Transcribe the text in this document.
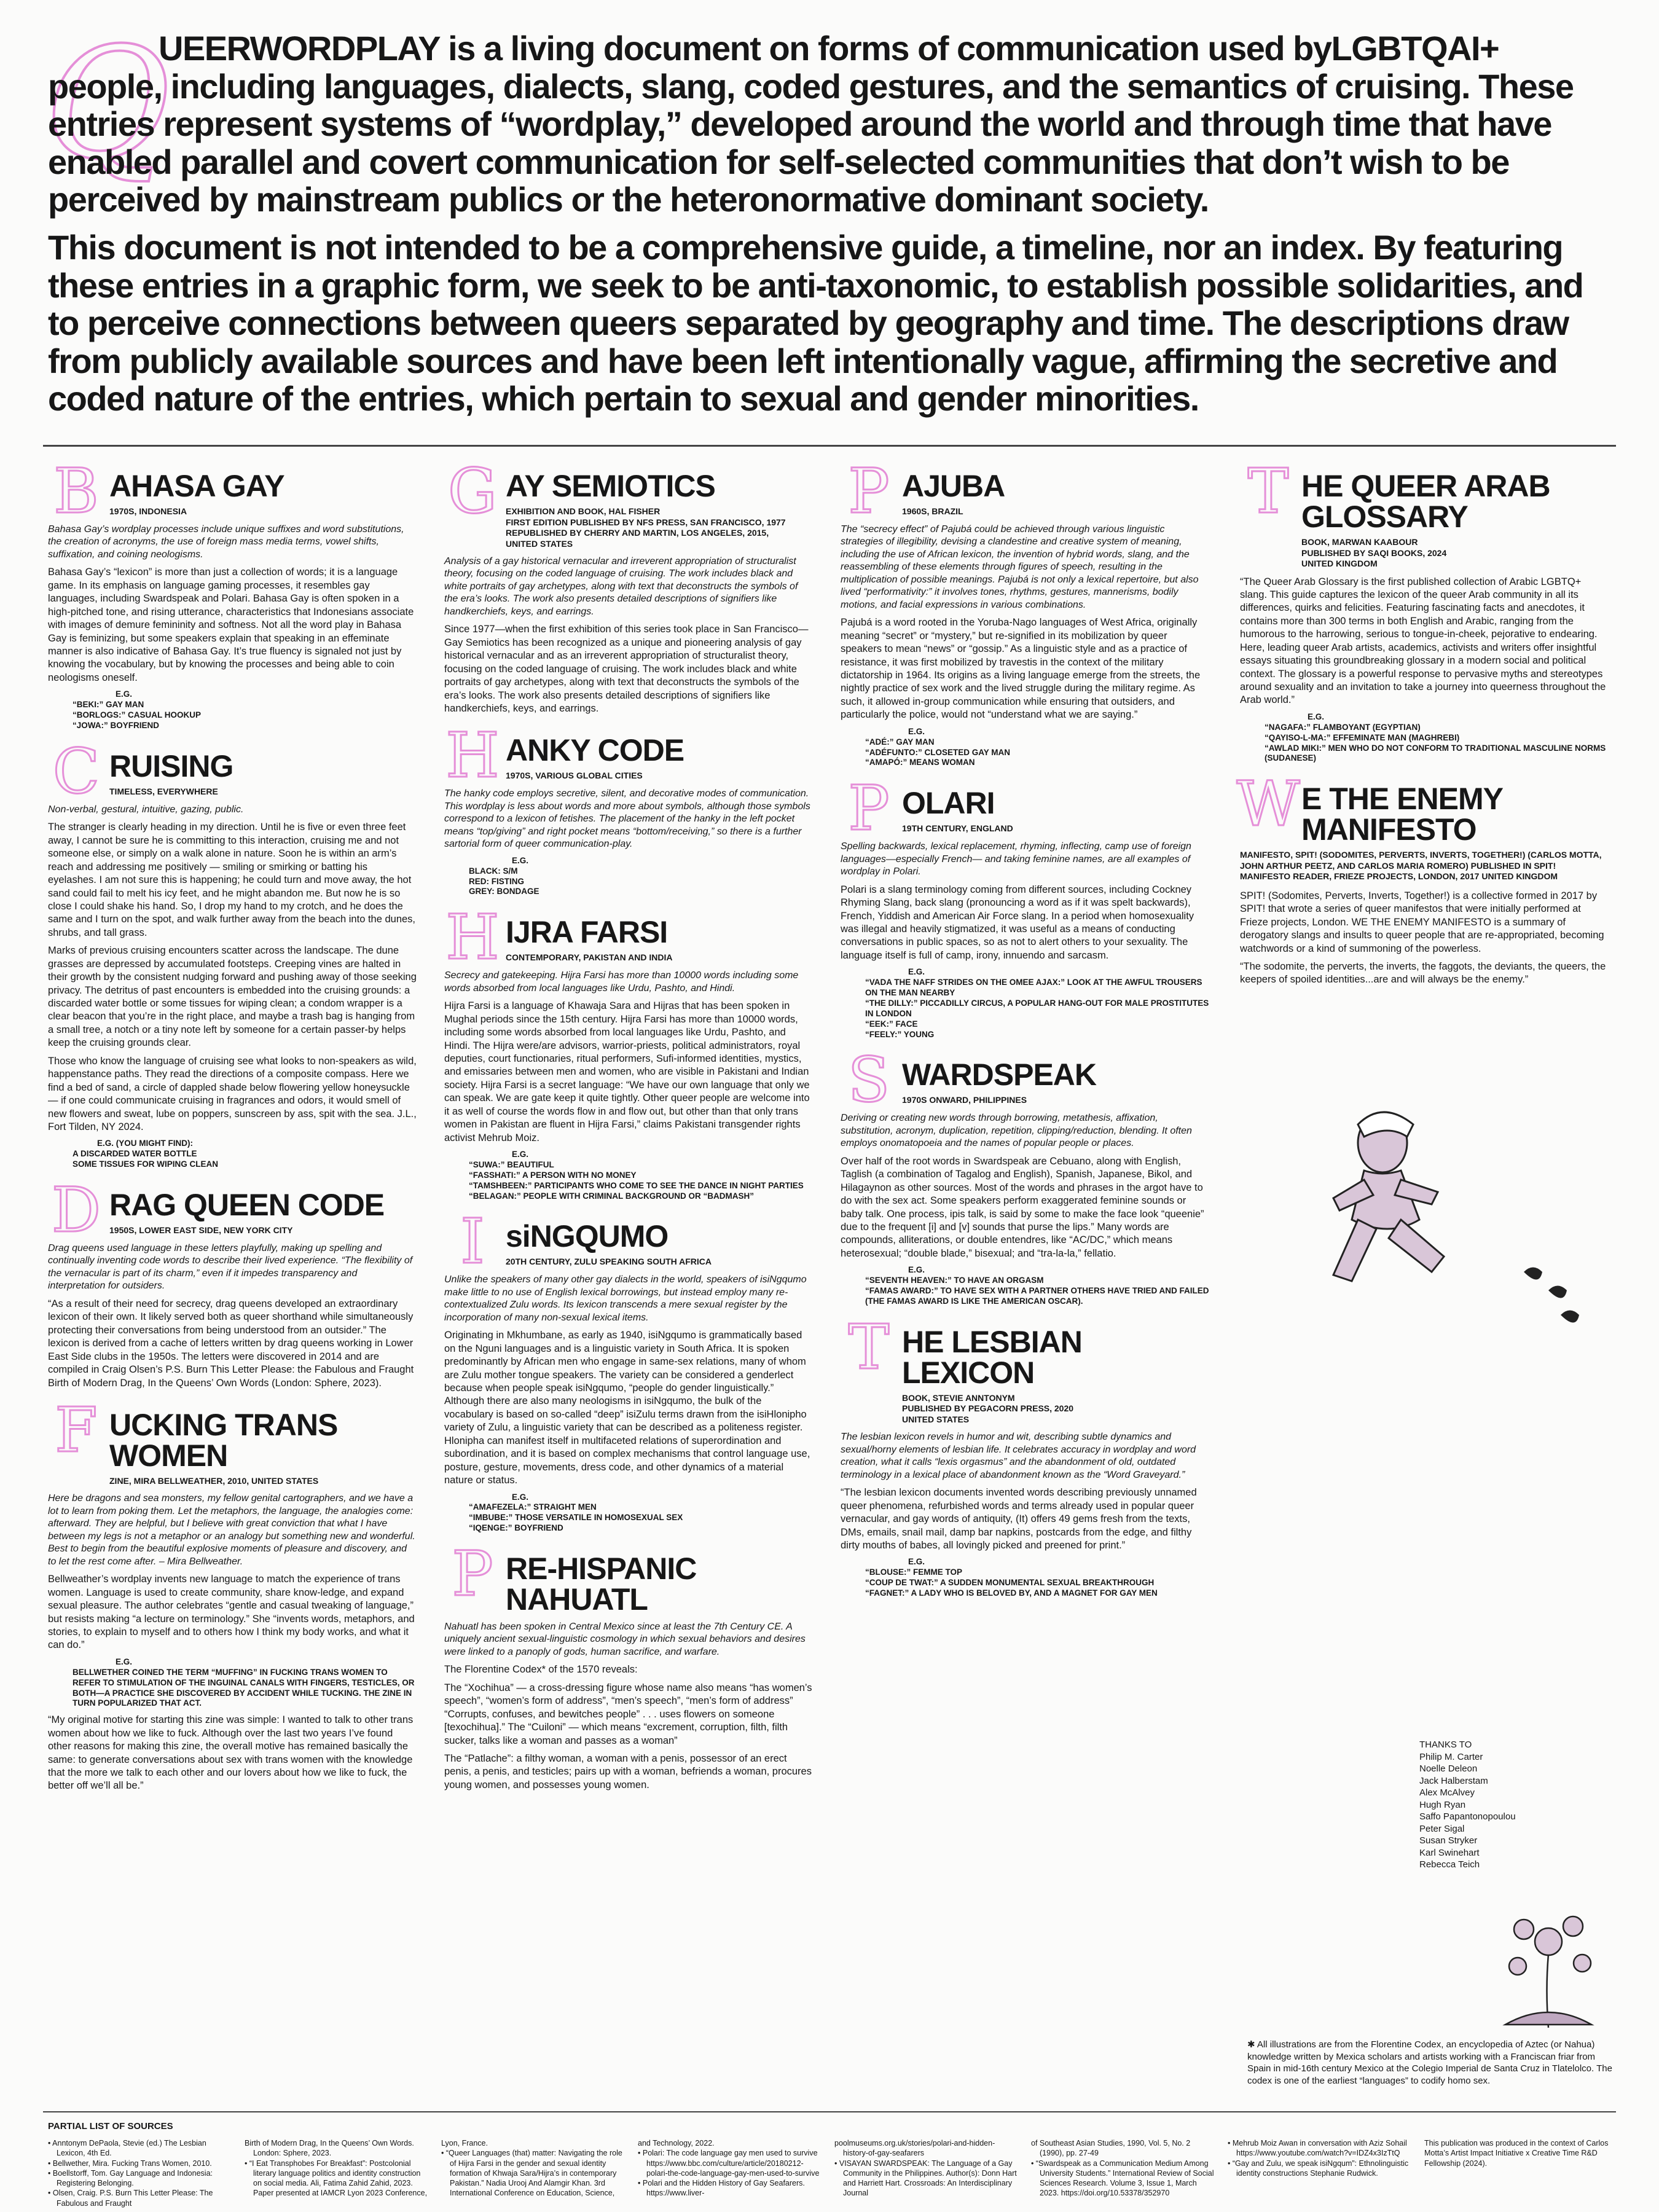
Q

UEERWORDPLAY is a living document on forms of communication used byLGBTQAI+ people, including languages, dialects, slang, coded gestures, and the semantics of cruising. These entries represent systems of “wordplay,” developed around the world and through time that have enabled parallel and covert communication for self-selected communities that don’t wish to be perceived by mainstream publics or the heteronormative dominant society.

This document is not intended to be a comprehensive guide, a timeline, nor an index. By featuring these entries in a graphic form, we seek to be anti-taxonomic, to establish possible solidarities, and to perceive connections between queers separated by geography and time. The descriptions draw from publicly available sources and have been left intentionally vague, affirming the secretive and coded nature of the entries, which pertain to sexual and gender minorities.

B AHASA GAY
1970S, INDONESIA

Bahasa Gay’s wordplay processes include unique suffixes and word substitutions, the creation of acronyms, the use of foreign mass media terms, vowel shifts, suffixation, and coining neologisms.

Bahasa Gay’s “lexicon” is more than just a collection of words; it is a language game. In its emphasis on language gaming processes, it resembles gay languages, including Swardspeak and Polari. Bahasa Gay is often spoken in a high-pitched tone, and rising utterance, characteristics that Indonesians associate with images of demure femininity and softness. Not all the word play in Bahasa Gay is feminizing, but some speakers explain that speaking in an effeminate manner is also indicative of Bahasa Gay. It’s true fluency is signaled not just by knowing the vocabulary, but by knowing the processes and being able to coin neologisms oneself.

E.G.
“BEKI:” GAY MAN
“BORLOGS:” CASUAL HOOKUP
“JOWA:” BOYFRIEND
C RUISING
TIMELESS, EVERYWHERE

Non-verbal, gestural, intuitive, gazing, public.

The stranger is clearly heading in my direction. Until he is five or even three feet away, I cannot be sure he is committing to this interaction, cruising me and not someone else, or simply on a walk alone in nature. Soon he is within an arm’s reach and addressing me positively — smiling or smirking or batting his eyelashes. I am not sure this is happening; he could turn and move away, the hot sand could fail to melt his icy feet, and he might abandon me. But now he is so close I could shake his hand. So, I drop my hand to my crotch, and he does the same and I turn on the spot, and walk further away from the beach into the dunes, shrubs, and tall grass.

Marks of previous cruising encounters scatter across the landscape. The dune grasses are depressed by accumulated footsteps. Creeping vines are halted in their growth by the consistent nudging forward and pushing away of those seeking privacy. The detritus of past encounters is embedded into the cruising grounds: a discarded water bottle or some tissues for wiping clean; a condom wrapper is a clear beacon that you’re in the right place, and maybe a trash bag is hanging from a small tree, a notch or a tiny note left by someone for a certain passer-by helps keep the cruising grounds clear.

Those who know the language of cruising see what looks to non-speakers as wild, happenstance paths. They read the directions of a composite compass. Here we find a bed of sand, a circle of dappled shade below flowering yellow honeysuckle — if one could communicate cruising in fragrances and odors, it would smell of new flowers and sweat, lube on poppers, sunscreen by ass, spit with the sea. J.L., Fort Tilden, NY 2024.

E.G. (YOU MIGHT FIND):
A DISCARDED WATER BOTTLE
SOME TISSUES FOR WIPING CLEAN
D RAG QUEEN CODE
1950S, LOWER EAST SIDE, NEW YORK CITY

Drag queens used language in these letters playfully, making up spelling and continually inventing code words to describe their lived experience. “The flexibility of the vernacular is part of its charm,” even if it impedes transparency and interpretation for outsiders.

“As a result of their need for secrecy, drag queens developed an extraordinary lexicon of their own. It likely served both as queer shorthand while simultaneously protecting their conversations from being understood from an outsider.” The lexicon is derived from a cache of letters written by drag queens working in Lower East Side clubs in the 1950s. The letters were discovered in 2014 and are compiled in Craig Olsen’s P.S. Burn This Letter Please: the Fabulous and Fraught Birth of Modern Drag, In the Queens’ Own Words (London: Sphere, 2023).

F UCKING TRANS WOMEN
ZINE, MIRA BELLWEATHER, 2010, UNITED STATES

Here be dragons and sea monsters, my fellow genital cartographers, and we have a lot to learn from poking them. Let the metaphors, the language, the analogies come: afterward. They are helpful, but I believe with great conviction that what I have between my legs is not a metaphor or an analogy but something new and wonderful. Best to begin from the beautiful explosive moments of pleasure and discovery, and to let the rest come after. – Mira Bellweather.

Bellweather’s wordplay invents new language to match the experience of trans women. Language is used to create community, share know-ledge, and expand sexual pleasure. The author celebrates “gentle and casual tweaking of language,” but resists making “a lecture on terminology.” She “invents words, metaphors, and stories, to explain to myself and to others how I think my body works, and what it can do.”

E.G.
BELLWETHER COINED THE TERM “MUFFING” IN FUCKING TRANS WOMEN TO REFER TO STIMULATION OF THE INGUINAL CANALS WITH FINGERS, TESTICLES, OR BOTH—A PRACTICE SHE DISCOVERED BY ACCIDENT WHILE TUCKING. THE ZINE IN TURN POPULARIZED THAT ACT.

“My original motive for starting this zine was simple: I wanted to talk to other trans women about how we like to fuck. Although over the last two years I’ve found other reasons for making this zine, the overall motive has remained basically the same: to generate conversations about sex with trans women with the knowledge that the more we talk to each other and our lovers about how we like to fuck, the better off we’ll all be.”

G AY SEMIOTICS
EXHIBITION AND BOOK, HAL FISHER
FIRST EDITION PUBLISHED BY NFS PRESS, SAN FRANCISCO, 1977
REPUBLISHED BY CHERRY AND MARTIN, LOS ANGELES, 2015,
UNITED STATES

Analysis of a gay historical vernacular and irreverent appropriation of structuralist theory, focusing on the coded language of cruising. The work includes black and white portraits of gay archetypes, along with text that deconstructs the symbols of the era’s looks. The work also presents detailed descriptions of signifiers like handkerchiefs, keys, and earrings.

Since 1977—when the first exhibition of this series took place in San Francisco—Gay Semiotics has been recognized as a unique and pioneering analysis of gay historical vernacular and as an irreverent appropriation of structuralist theory, focusing on the coded language of cruising. The work includes black and white portraits of gay archetypes, along with text that deconstructs the symbols of the era’s looks. The work also presents detailed descriptions of signifiers like handkerchiefs, keys, and earrings.

H ANKY CODE
1970S, VARIOUS GLOBAL CITIES

The hanky code employs secretive, silent, and decorative modes of communication. This wordplay is less about words and more about symbols, although those symbols correspond to a lexicon of fetishes. The placement of the hanky in the left pocket means “top/giving” and right pocket means “bottom/receiving,” so there is a further sartorial form of queer communication-play.

E.G.
BLACK: S/M
RED: FISTING
GREY: BONDAGE
H IJRA FARSI
CONTEMPORARY, PAKISTAN AND INDIA

Secrecy and gatekeeping. Hijra Farsi has more than 10000 words including some words absorbed from local languages like Urdu, Pashto, and Hindi.

Hijra Farsi is a language of Khawaja Sara and Hijras that has been spoken in Mughal periods since the 15th century. Hijra Farsi has more than 10000 words, including some words absorbed from local languages like Urdu, Pashto, and Hindi. The Hijra were/are advisors, warrior-priests, political administrators, royal deputies, court functionaries, ritual performers, Sufi-informed identities, mystics, and emissaries between men and women, who are visible in Pakistani and Indian society. Hijra Farsi is a secret language: “We have our own language that only we can speak. We are gate keep it quite tightly. Other queer people are welcome into it as well of course the words flow in and flow out, but other than that only trans women in Pakistan are fluent in Hijra Farsi,” claims Pakistani transgender rights activist Mehrub Moiz.

E.G.
“SUWA:” BEAUTIFUL
“FASSHATI:” A PERSON WITH NO MONEY
“TAMSHBEEN:” PARTICIPANTS WHO COME TO SEE THE DANCE IN NIGHT PARTIES
“BELAGAN:” PEOPLE WITH CRIMINAL BACKGROUND OR “BADMASH”
I siNGQUMO
20TH CENTURY, ZULU SPEAKING SOUTH AFRICA

Unlike the speakers of many other gay dialects in the world, speakers of isiNgqumo make little to no use of English lexical borrowings, but instead employ many re-contextualized Zulu words. Its lexicon transcends a mere sexual register by the incorporation of many non-sexual lexical items.

Originating in Mkhumbane, as early as 1940, isiNgqumo is grammatically based on the Nguni languages and is a linguistic variety in South Africa. It is spoken predominantly by African men who engage in same-sex relations, many of whom are Zulu mother tongue speakers. The variety can be considered a genderlect because when people speak isiNgqumo, “people do gender linguistically.” Although there are also many neologisms in isiNgqumo, the bulk of the vocabulary is based on so-called “deep” isiZulu terms drawn from the isiHlonipho variety of Zulu, a linguistic variety that can be described as a politeness register. Hlonipha can manifest itself in multifaceted relations of superordination and subordination, and it is based on complex mechanisms that control language use, posture, gesture, movements, dress code, and other dynamics of a material nature or status.

E.G.
“AMAFEZELA:” STRAIGHT MEN
“IMBUBE:” THOSE VERSATILE IN HOMOSEXUAL SEX
“IQENGE:” BOYFRIEND
P RE-HISPANIC NAHUATL

Nahuatl has been spoken in Central Mexico since at least the 7th Century CE. A uniquely ancient sexual-linguistic cosmology in which sexual behaviors and desires were linked to a panoply of gods, human sacrifice, and warfare.

The Florentine Codex* of the 1570 reveals:

The “Xochihua” — a cross-dressing figure whose name also means “has women’s speech”, “women’s form of address”, “men’s speech”, “men’s form of address” “Corrupts, confuses, and bewitches people” . . . uses flowers on someone [texochihua].” The “Cuiloni” — which means “excrement, corruption, filth, filth sucker, talks like a woman and passes as a woman”

The “Patlache”: a filthy woman, a woman with a penis, possessor of an erect penis, a penis, and testicles; pairs up with a woman, befriends a woman, procures young women, and possesses young women.

P AJUBA
1960S, BRAZIL

The “secrecy effect” of Pajubá could be achieved through various linguistic strategies of illegibility, devising a clandestine and creative system of meaning, including the use of African lexicon, the invention of hybrid words, slang, and the reassembling of these elements through figures of speech, resulting in the multiplication of possible meanings. Pajubá is not only a lexical repertoire, but also lived “performativity:” it involves tones, rhythms, gestures, mannerisms, bodily motions, and facial expressions in various combinations.

Pajubá is a word rooted in the Yoruba-Nago languages of West Africa, originally meaning “secret” or “mystery,” but re-signified in its mobilization by queer speakers to mean “news” or “gossip.” As a linguistic style and as a practice of resistance, it was first mobilized by travestis in the context of the military dictatorship in 1964. Its origins as a living language emerge from the streets, the nightly practice of sex work and the lived struggle during the military regime. As such, it allowed in-group communication while ensuring that outsiders, and particularly the police, would not “understand what we are saying.”

E.G.
“ADÉ:” GAY MAN
“ADÉFUNTO:” CLOSETED GAY MAN
“AMAPÓ:” MEANS WOMAN
P OLARI
19TH CENTURY, ENGLAND

Spelling backwards, lexical replacement, rhyming, inflecting, camp use of foreign languages—especially French— and taking feminine names, are all examples of wordplay in Polari.

Polari is a slang terminology coming from different sources, including Cockney Rhyming Slang, back slang (pronouncing a word as if it was spelt backwards), French, Yiddish and American Air Force slang. In a period when homosexuality was illegal and heavily stigmatized, it was useful as a means of conducting conversations in public spaces, so as not to alert others to your sexuality. The language itself is full of camp, irony, innuendo and sarcasm.

E.G.
“VADA THE NAFF STRIDES ON THE OMEE AJAX:” LOOK AT THE AWFUL TROUSERS ON THE MAN NEARBY
“THE DILLY:” PICCADILLY CIRCUS, A POPULAR HANG-OUT FOR MALE PROSTITUTES IN LONDON
“EEK:” FACE
“FEELY:” YOUNG
S WARDSPEAK
1970S ONWARD, PHILIPPINES

Deriving or creating new words through borrowing, metathesis, affixation, substitution, acronym, duplication, repetition, clipping/reduction, blending. It often employs onomatopoeia and the names of popular people or places.

Over half of the root words in Swardspeak are Cebuano, along with English, Taglish (a combination of Tagalog and English), Spanish, Japanese, Bikol, and Hilagaynon as other sources. Most of the words and phrases in the argot have to do with the sex act. Some speakers perform exaggerated feminine sounds or baby talk. One process, ipis talk, is said by some to make the face look “queenie” due to the frequent [i] and [v] sounds that purse the lips.” Many words are compounds, alliterations, or double entendres, like “AC/DC,” which means heterosexual; “double blade,” bisexual; and “tra-la-la,” fellatio.

E.G.
“SEVENTH HEAVEN:” TO HAVE AN ORGASM
“FAMAS AWARD:” TO HAVE SEX WITH A PARTNER OTHERS HAVE TRIED AND FAILED (THE FAMAS AWARD IS LIKE THE AMERICAN OSCAR).
T HE LESBIAN LEXICON
BOOK, STEVIE ANNTONYM
PUBLISHED BY PEGACORN PRESS, 2020
UNITED STATES

The lesbian lexicon revels in humor and wit, describing subtle dynamics and sexual/horny elements of lesbian life. It celebrates accuracy in wordplay and word creation, what it calls “lexis orgasmus” and the abandonment of old, outdated terminology in a lexical place of abandonment known as the “Word Graveyard.”

“The lesbian lexicon documents invented words describing previously unnamed queer phenomena, refurbished words and terms already used in popular queer vernacular, and gay words of antiquity, (It) offers 49 gems fresh from the texts, DMs, emails, snail mail, damp bar napkins, postcards from the edge, and filthy dirty mouths of babes, all lovingly picked and preened for print.”

E.G.
“BLOUSE:” FEMME TOP
“COUP DE TWAT:” A SUDDEN MONUMENTAL SEXUAL BREAKTHROUGH
“FAGNET:” A LADY WHO IS BELOVED BY, AND A MAGNET FOR GAY MEN
T HE QUEER ARAB GLOSSARY
BOOK, MARWAN KAABOUR
PUBLISHED BY SAQI BOOKS, 2024
UNITED KINGDOM

“The Queer Arab Glossary is the first published collection of Arabic LGBTQ+ slang. This guide captures the lexicon of the queer Arab community in all its differences, quirks and felicities. Featuring fascinating facts and anecdotes, it contains more than 300 terms in both English and Arabic, ranging from the humorous to the harrowing, serious to tongue-in-cheek, pejorative to endearing. Here, leading queer Arab artists, academics, activists and writers offer insightful essays situating this groundbreaking glossary in a modern social and political context. The glossary is a powerful response to pervasive myths and stereotypes around sexuality and an invitation to take a journey into queerness throughout the Arab world.”

E.G.
“NAGAFA:” FLAMBOYANT (EGYPTIAN)
“QAYISO-L-MA:” EFFEMINATE MAN (MAGHREBI)
“AWLAD MIKI:” MEN WHO DO NOT CONFORM TO TRADITIONAL MASCULINE NORMS (SUDANESE)
W E THE ENEMY MANIFESTO
MANIFESTO, SPIT! (SODOMITES, PERVERTS, INVERTS, TOGETHER!) (CARLOS MOTTA, JOHN ARTHUR PEETZ, AND CARLOS MARIA ROMERO) PUBLISHED IN SPIT! MANIFESTO READER, FRIEZE PROJECTS, LONDON, 2017 UNITED KINGDOM

SPIT! (Sodomites, Perverts, Inverts, Together!) is a collective formed in 2017 by SPIT! that wrote a series of queer manifestos that were initially performed at Frieze projects, London. WE THE ENEMY MANIFESTO is a summary of derogatory slangs and insults to queer people that are re-appropriated, becoming watchwords or a kind of summoning of the powerless.

“The sodomite, the perverts, the inverts, the faggots, the deviants, the queers, the keepers of spoiled identities...are and will always be the enemy.”

THANKS TO
Philip M. Carter
Noelle Deleon
Jack Halberstam
Alex McAlvey
Hugh Ryan
Saffo Papantonopoulou
Peter Sigal
Susan Stryker
Karl Swinehart
Rebecca Teich
✱ All illustrations are from the Florentine Codex, an encyclopedia of Aztec (or Nahua) knowledge written by Mexica scholars and artists working with a Franciscan friar from Spain in mid-16th century Mexico at the Colegio Imperial de Santa Cruz in Tlatelolco. The codex is one of the earliest “languages” to codify homo sex.
PARTIAL LIST OF SOURCES
• Anntonym DePaola, Stevie (ed.) The Lesbian Lexicon, 4th Ed.
• Bellwether, Mira. Fucking Trans Women, 2010.
• Boellstorff, Tom. Gay Language and Indonesia: Registering Belonging.
• Olsen, Craig. P.S. Burn This Letter Please: The Fabulous and Fraught
Birth of Modern Drag, In the Queens’ Own Words. London: Sphere, 2023.
• “I Eat Transphobes For Breakfast”: Postcolonial literary language politics and identity construction on social media. Ali, Fatima Zahid Zahid, 2023. Paper presented at IAMCR Lyon 2023 Conference,
Lyon, France.
• “Queer Languages (that) matter: Navigating the role of Hijra Farsi in the gender and sexual identity formation of Khwaja Sara/Hijra’s in contemporary Pakistan.” Nadia Urooj And Alamgir Khan. 3rd International Conference on Education, Science,
and Technology, 2022.
• Polari: The code language gay men used to survive https://www.bbc.com/culture/article/20180212-polari-the-code-language-gay-men-used-to-survive
• Polari and the Hidden History of Gay Seafarers. https://www.liver-
poolmuseums.org.uk/stories/polari-and-hidden-history-of-gay-seafarers
• VISAYAN SWARDSPEAK: The Language of a Gay Community in the Philippines. Author(s): Donn Hart and Harriett Hart. Crossroads: An Interdisciplinary Journal
of Southeast Asian Studies, 1990, Vol. 5, No. 2 (1990), pp. 27-49
• “Swardspeak as a Communication Medium Among University Students.” International Review of Social Sciences Research. Volume 3, Issue 1, March 2023. https://doi.org/10.53378/352970
• Mehrub Moiz Awan in conversation with Aziz Sohail https://www.youtube.com/watch?v=IDZ4x3IzTtQ
• “Gay and Zulu, we speak isiNgqum”: Ethnolinguistic identity constructions Stephanie Rudwick.
This publication was produced in the context of Carlos Motta’s Artist Impact Initiative x Creative Time R&D Fellowship (2024).
